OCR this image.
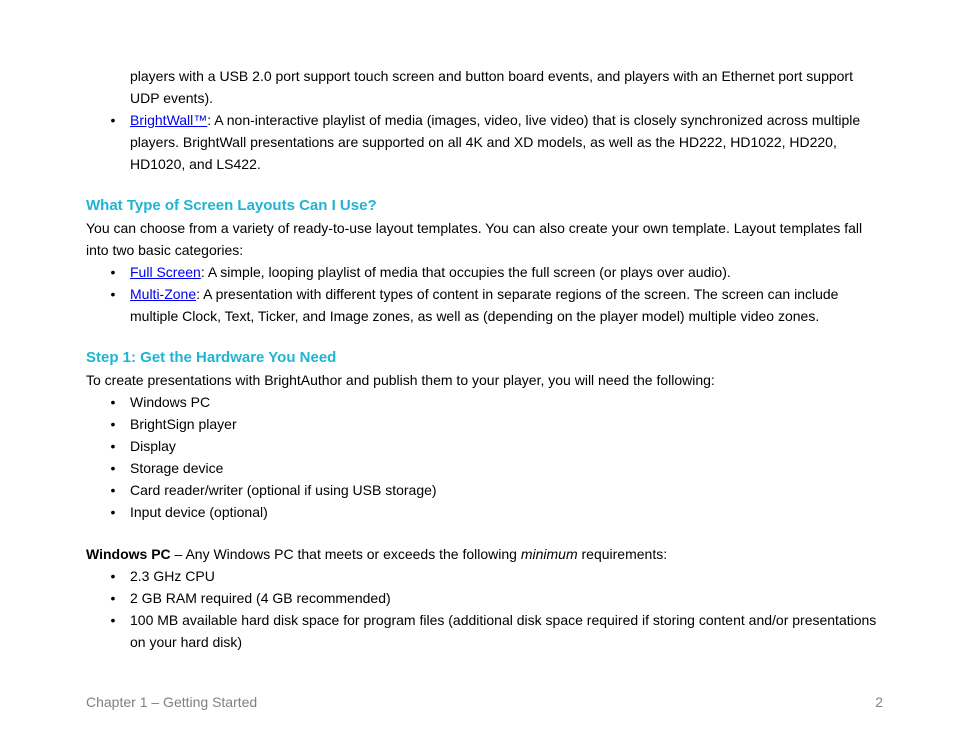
players with a USB 2.0 port support touch screen and button board events, and players with an Ethernet port support UDP events).

• BrightWall™: A non-interactive playlist of media (images, video, live video) that is closely synchronized across multiple players. BrightWall presentations are supported on all 4K and XD models, as well as the HD222, HD1022, HD220, HD1020, and LS422.
What Type of Screen Layouts Can I Use?

You can choose from a variety of ready-to-use layout templates. You can also create your own template. Layout templates fall into two basic categories:

• Full Screen: A simple, looping playlist of media that occupies the full screen (or plays over audio).
• Multi-Zone: A presentation with different types of content in separate regions of the screen. The screen can include multiple Clock, Text, Ticker, and Image zones, as well as (depending on the player model) multiple video zones.
Step 1: Get the Hardware You Need

To create presentations with BrightAuthor and publish them to your player, you will need the following:

• Windows PC
• BrightSign player
• Display
• Storage device
• Card reader/writer (optional if using USB storage)
• Input device (optional)

Windows PC – Any Windows PC that meets or exceeds the following minimum requirements:

• 2.3 GHz CPU
• 2 GB RAM required (4 GB recommended)
• 100 MB available hard disk space for program files (additional disk space required if storing content and/or presentations on your hard disk)
Chapter 1 – Getting Started	2
